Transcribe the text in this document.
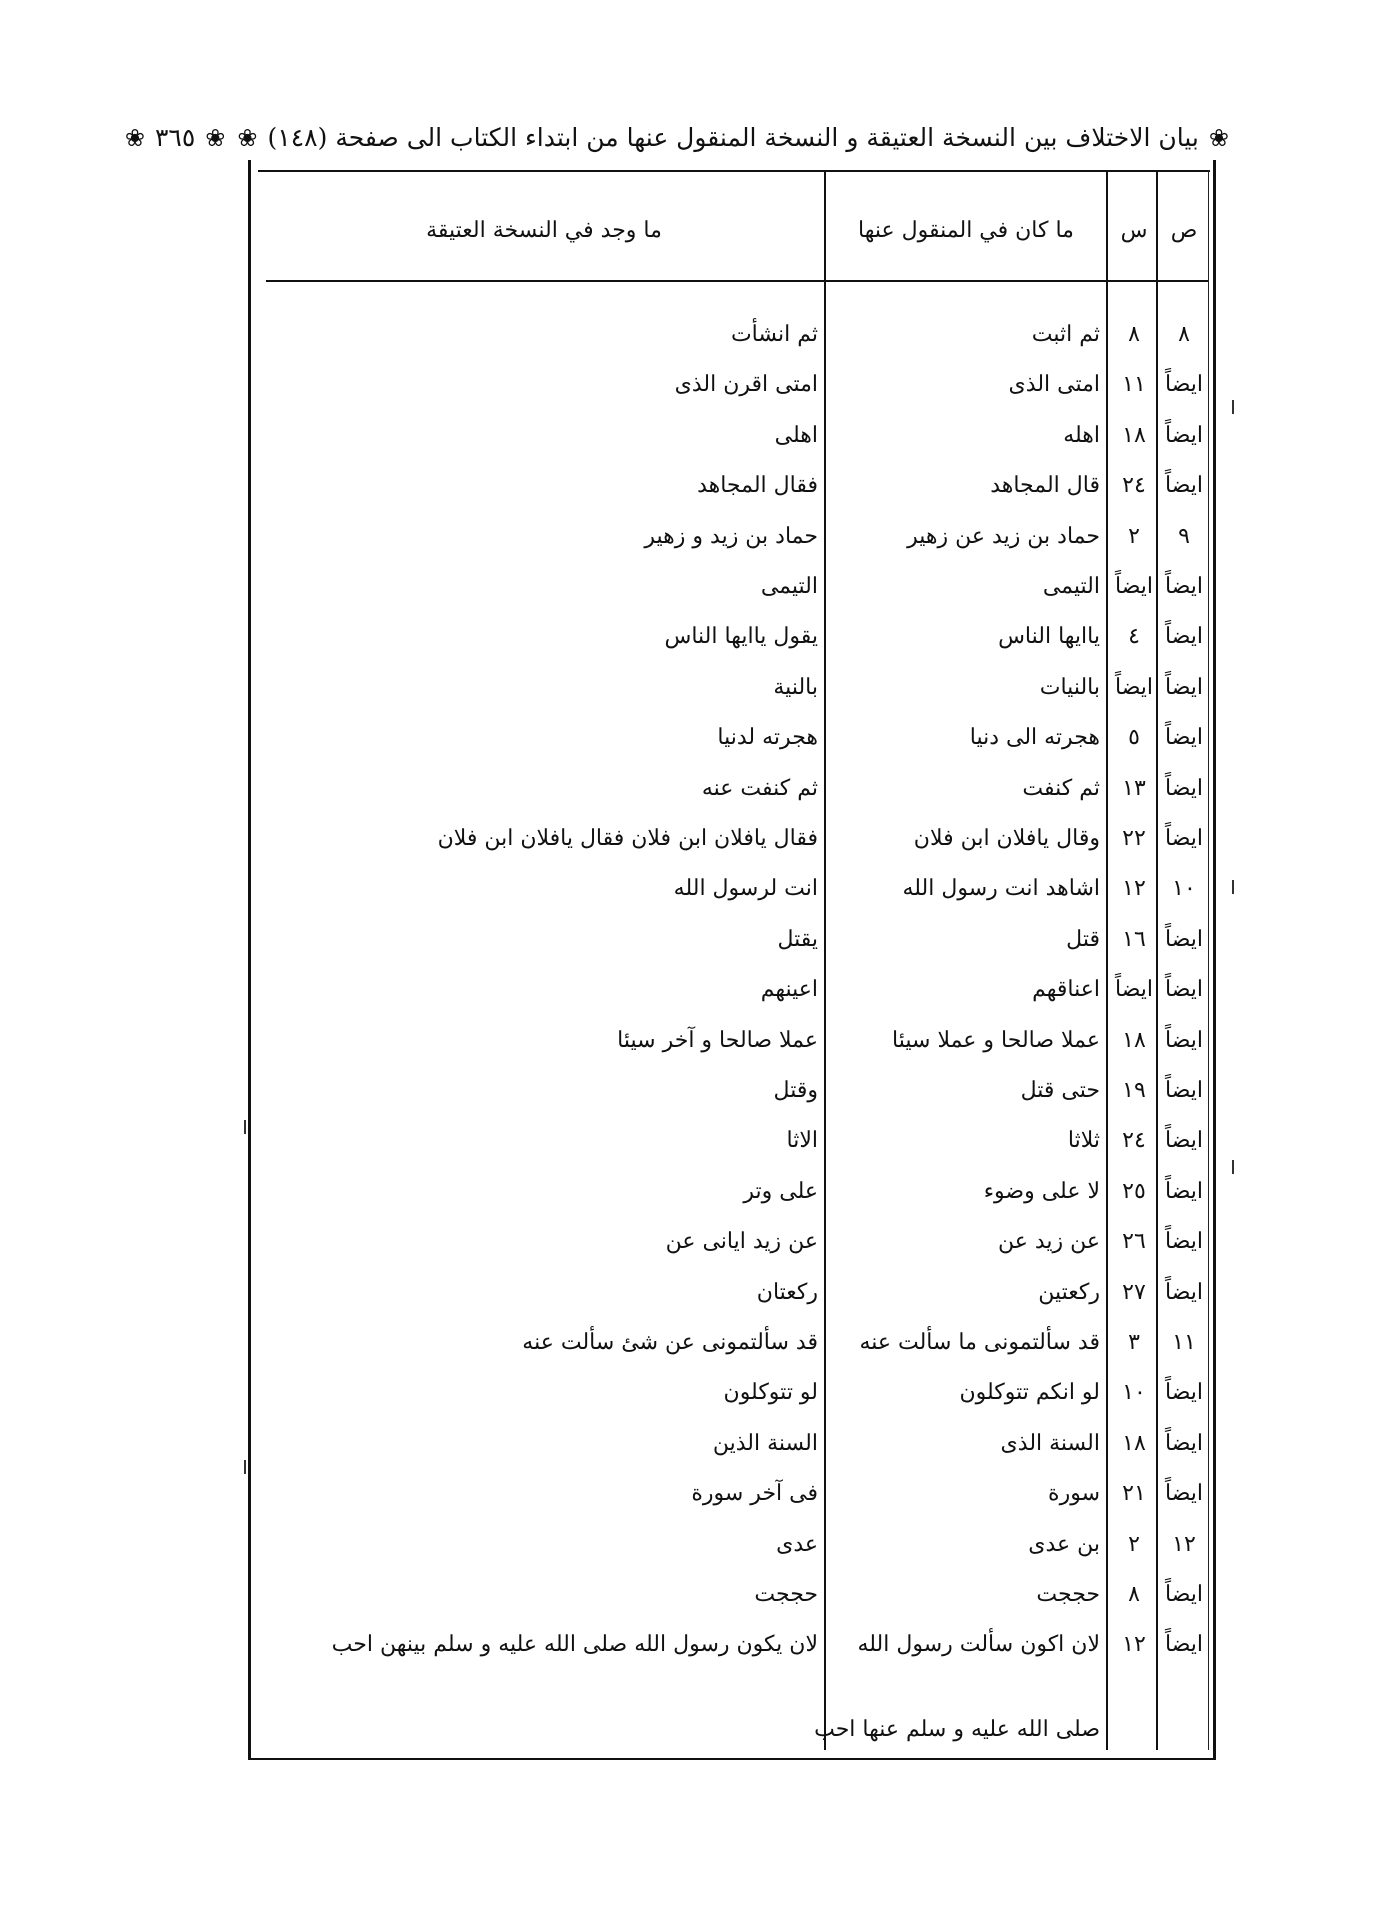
❀
بيان الاختلاف بين النسخة العتيقة و النسخة المنقول عنها من ابتداء الكتاب الى صفحة
(١٤٨)
❀
❀
٣٦٥
❀
ص
س
ما كان في المنقول عنها
ما وجد في النسخة العتيقة
٨
٨
ثم اثبت
ثم انشأت
ايضاً
١١
امتى الذى
امتى اقرن الذى
ايضاً
١٨
اهله
اهلى
ايضاً
٢٤
قال المجاهد
فقال المجاهد
٩
٢
حماد بن زيد عن زهير
حماد بن زيد و زهير
ايضاً
ايضاً
التيمى
التيمى
ايضاً
٤
ياايها الناس
يقول ياايها الناس
ايضاً
ايضاً
بالنيات
بالنية
ايضاً
٥
هجرته الى دنيا
هجرته لدنيا
ايضاً
١٣
ثم كنفت
ثم كنفت عنه
ايضاً
٢٢
وقال يافلان ابن فلان
فقال يافلان ابن فلان فقال يافلان ابن فلان
١٠
١٢
اشاهد انت رسول الله
انت لرسول الله
ايضاً
١٦
قتل
يقتل
ايضاً
ايضاً
اعناقهم
اعينهم
ايضاً
١٨
عملا صالحا و عملا سيئا
عملا صالحا و آخر سيئا
ايضاً
١٩
حتى قتل
وقتل
ايضاً
٢٤
ثلاثا
الاثا
ايضاً
٢٥
لا على وضوء
على وتر
ايضاً
٢٦
عن زيد عن
عن زيد ايانى عن
ايضاً
٢٧
ركعتين
ركعتان
١١
٣
قد سألتمونى ما سألت عنه
قد سألتمونى عن شئ سألت عنه
ايضاً
١٠
لو انكم تتوكلون
لو تتوكلون
ايضاً
١٨
السنة الذى
السنة الذين
ايضاً
٢١
سورة
فى آخر سورة
١٢
٢
بن عدى
عدى
ايضاً
٨
حججت
حججت
ايضاً
١٢
لان اكون سألت رسول الله
لان يكون رسول الله صلى الله عليه و سلم بينهن احب
صلى الله عليه و سلم عنها احب
